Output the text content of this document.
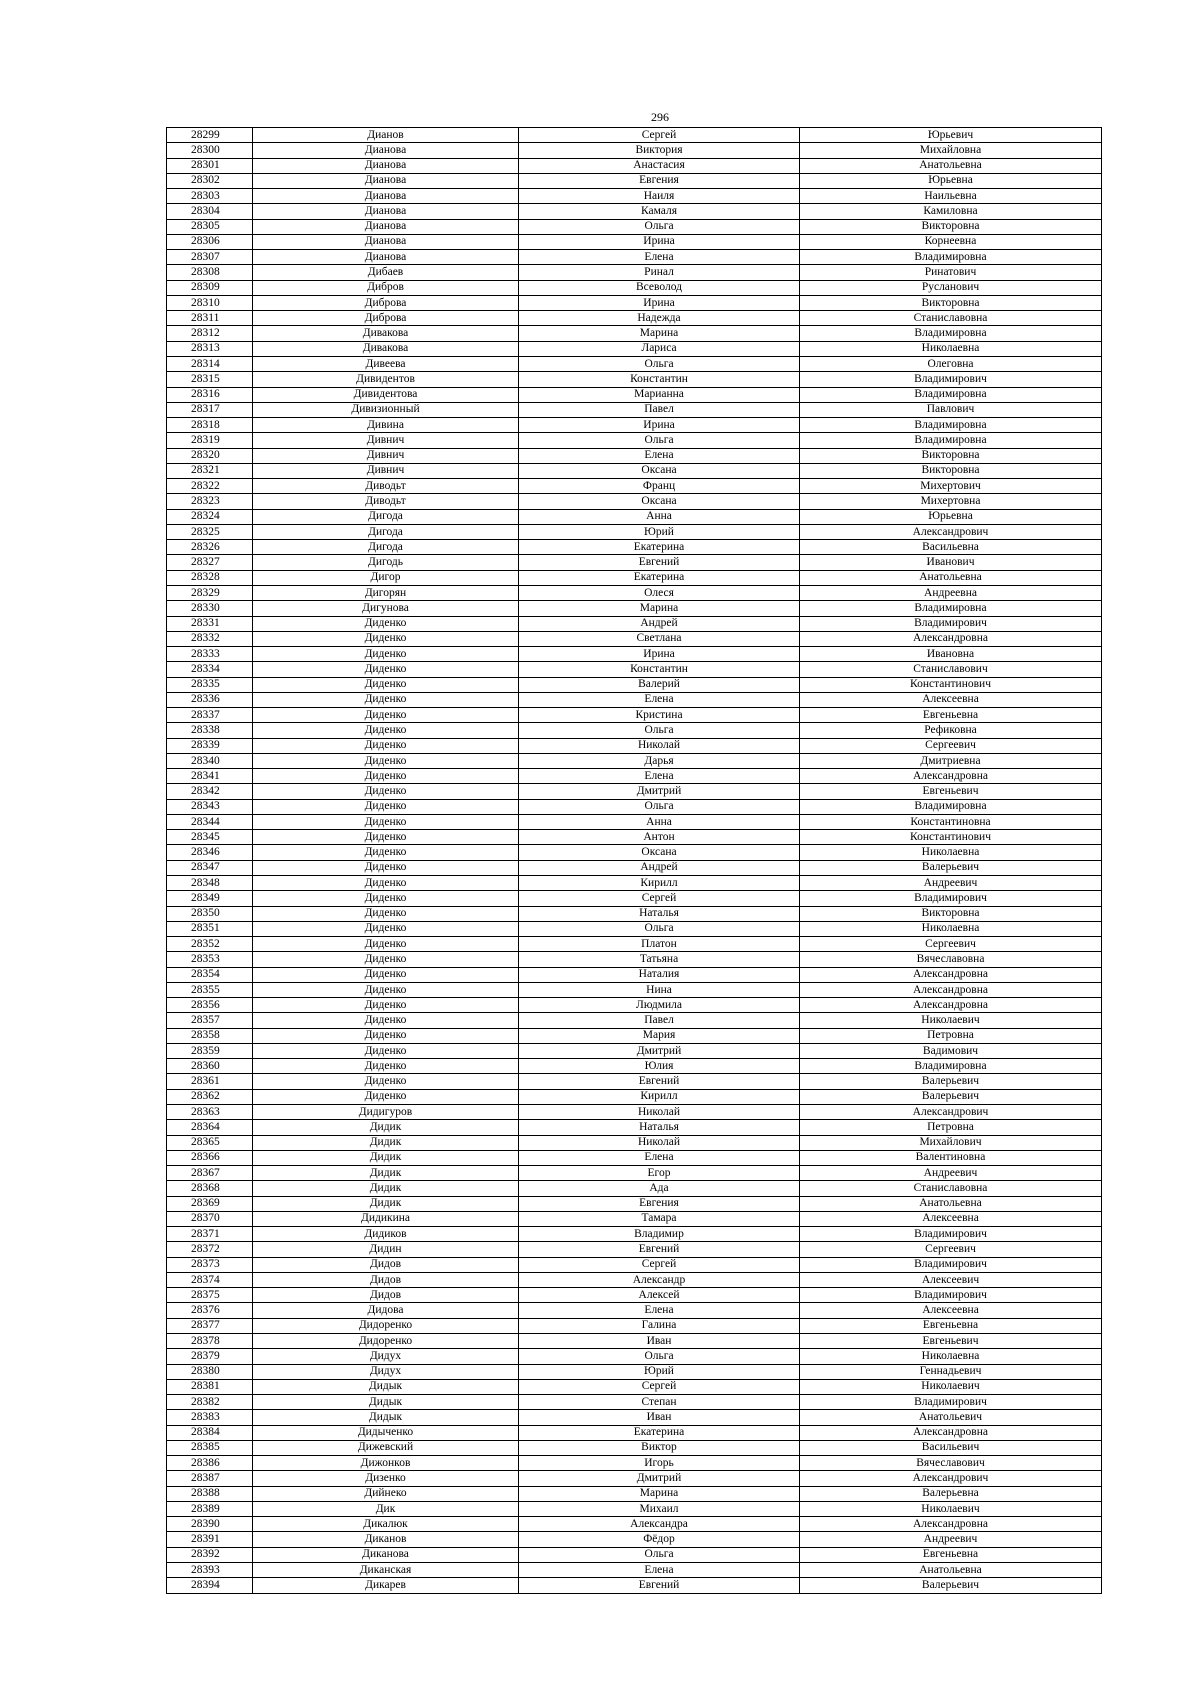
296
28299	Дианов	Сергей	Юрьевич
28300	Дианова	Виктория	Михайловна
28301	Дианова	Анастасия	Анатольевна
28302	Дианова	Евгения	Юрьевна
28303	Дианова	Наиля	Наильевна
28304	Дианова	Камаля	Камиловна
28305	Дианова	Ольга	Викторовна
28306	Дианова	Ирина	Корнеевна
28307	Дианова	Елена	Владимировна
28308	Дибаев	Ринал	Ринатович
28309	Дибров	Всеволод	Русланович
28310	Диброва	Ирина	Викторовна
28311	Диброва	Надежда	Станиславовна
28312	Дивакова	Марина	Владимировна
28313	Дивакова	Лариса	Николаевна
28314	Дивеева	Ольга	Олеговна
28315	Дивидентов	Константин	Владимирович
28316	Дивидентова	Марианна	Владимировна
28317	Дивизионный	Павел	Павлович
28318	Дивина	Ирина	Владимировна
28319	Дивнич	Ольга	Владимировна
28320	Дивнич	Елена	Викторовна
28321	Дивнич	Оксана	Викторовна
28322	Диводьт	Франц	Михертович
28323	Диводьт	Оксана	Михертовна
28324	Дигода	Анна	Юрьевна
28325	Дигода	Юрий	Александрович
28326	Дигода	Екатерина	Васильевна
28327	Дигодь	Евгений	Иванович
28328	Дигор	Екатерина	Анатольевна
28329	Дигорян	Олеся	Андреевна
28330	Дигунова	Марина	Владимировна
28331	Диденко	Андрей	Владимирович
28332	Диденко	Светлана	Александровна
28333	Диденко	Ирина	Ивановна
28334	Диденко	Константин	Станиславович
28335	Диденко	Валерий	Константинович
28336	Диденко	Елена	Алексеевна
28337	Диденко	Кристина	Евгеньевна
28338	Диденко	Ольга	Рефиковна
28339	Диденко	Николай	Сергеевич
28340	Диденко	Дарья	Дмитриевна
28341	Диденко	Елена	Александровна
28342	Диденко	Дмитрий	Евгеньевич
28343	Диденко	Ольга	Владимировна
28344	Диденко	Анна	Константиновна
28345	Диденко	Антон	Константинович
28346	Диденко	Оксана	Николаевна
28347	Диденко	Андрей	Валерьевич
28348	Диденко	Кирилл	Андреевич
28349	Диденко	Сергей	Владимирович
28350	Диденко	Наталья	Викторовна
28351	Диденко	Ольга	Николаевна
28352	Диденко	Платон	Сергеевич
28353	Диденко	Татьяна	Вячеславовна
28354	Диденко	Наталия	Александровна
28355	Диденко	Нина	Александровна
28356	Диденко	Людмила	Александровна
28357	Диденко	Павел	Николаевич
28358	Диденко	Мария	Петровна
28359	Диденко	Дмитрий	Вадимович
28360	Диденко	Юлия	Владимировна
28361	Диденко	Евгений	Валерьевич
28362	Диденко	Кирилл	Валерьевич
28363	Дидигуров	Николай	Александрович
28364	Дидик	Наталья	Петровна
28365	Дидик	Николай	Михайлович
28366	Дидик	Елена	Валентиновна
28367	Дидик	Егор	Андреевич
28368	Дидик	Ада	Станиславовна
28369	Дидик	Евгения	Анатольевна
28370	Дидикина	Тамара	Алексеевна
28371	Дидиков	Владимир	Владимирович
28372	Дидин	Евгений	Сергеевич
28373	Дидов	Сергей	Владимирович
28374	Дидов	Александр	Алексеевич
28375	Дидов	Алексей	Владимирович
28376	Дидова	Елена	Алексеевна
28377	Дидоренко	Галина	Евгеньевна
28378	Дидоренко	Иван	Евгеньевич
28379	Дидух	Ольга	Николаевна
28380	Дидух	Юрий	Геннадьевич
28381	Дидык	Сергей	Николаевич
28382	Дидык	Степан	Владимирович
28383	Дидык	Иван	Анатольевич
28384	Дидыченко	Екатерина	Александровна
28385	Дижевский	Виктор	Васильевич
28386	Дижонков	Игорь	Вячеславович
28387	Дизенко	Дмитрий	Александрович
28388	Дийнеко	Марина	Валерьевна
28389	Дик	Михаил	Николаевич
28390	Дикалюк	Александра	Александровна
28391	Диканов	Фёдор	Андреевич
28392	Диканова	Ольга	Евгеньевна
28393	Диканская	Елена	Анатольевна
28394	Дикарев	Евгений	Валерьевич
